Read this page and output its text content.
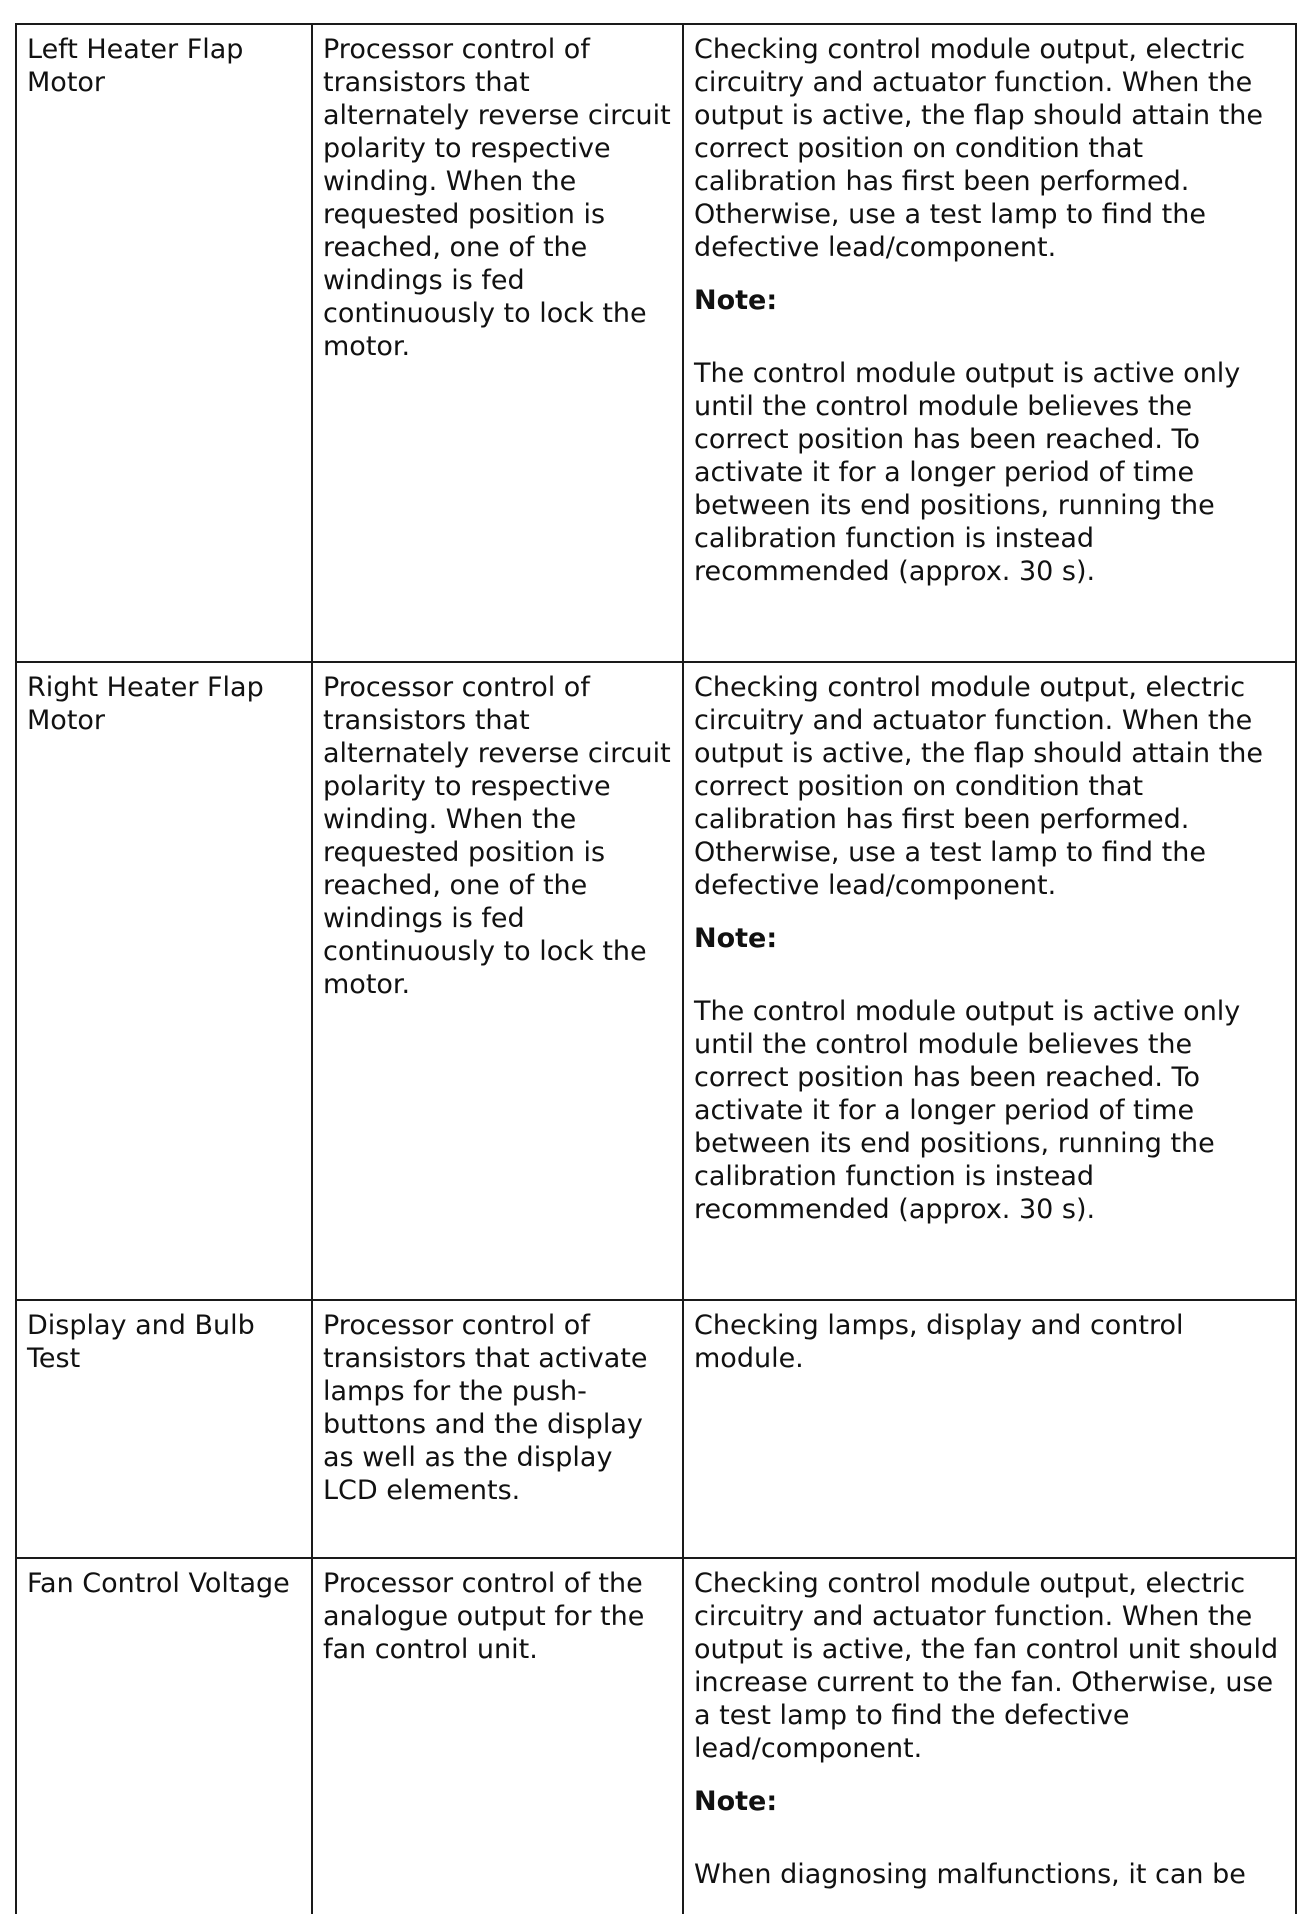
Left Heater Flap Motor	Processor control of transistors that alternately reverse circuit polarity to respective winding. When the requested position is reached, one of the windings is fed continuously to lock the motor.	Checking control module output, electric circuitry and actuator function. When the output is active, the flap should attain the correct position on condition that calibration has first been performed. Otherwise, use a test lamp to find the defective lead/component.

Note:

The control module output is active only until the control module believes the correct position has been reached. To activate it for a longer period of time between its end positions, running the calibration function is instead recommended (approx. 30 s).

Right Heater Flap Motor	Processor control of transistors that alternately reverse circuit polarity to respective winding. When the requested position is reached, one of the windings is fed continuously to lock the motor.	Checking control module output, electric circuitry and actuator function. When the output is active, the flap should attain the correct position on condition that calibration has first been performed. Otherwise, use a test lamp to find the defective lead/component.

Note:

The control module output is active only until the control module believes the correct position has been reached. To activate it for a longer period of time between its end positions, running the calibration function is instead recommended (approx. 30 s).

Display and Bulb Test	Processor control of transistors that activate lamps for the push-buttons and the display as well as the display LCD elements.	Checking lamps, display and control module.

Fan Control Voltage	Processor control of the analogue output for the fan control unit.	Checking control module output, electric circuitry and actuator function. When the output is active, the fan control unit should increase current to the fan. Otherwise, use a test lamp to find the defective lead/component.

Note:

When diagnosing malfunctions, it can be
